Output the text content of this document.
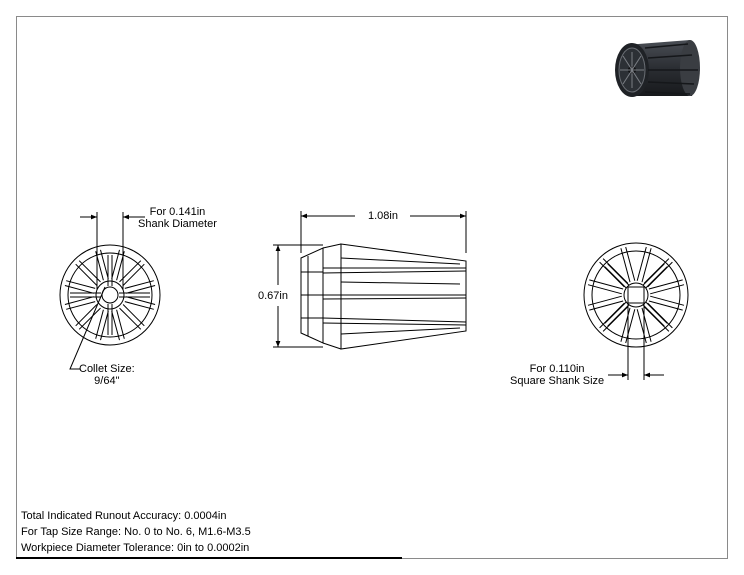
For 0.141in
Shank Diameter
Collet Size:
9/64"
1.08in
0.67in
For 0.110in
Square Shank Size
Total Indicated Runout Accuracy: 0.0004in
For Tap Size Range: No. 0 to No. 6, M1.6-M3.5
Workpiece Diameter Tolerance: 0in to 0.0002in
